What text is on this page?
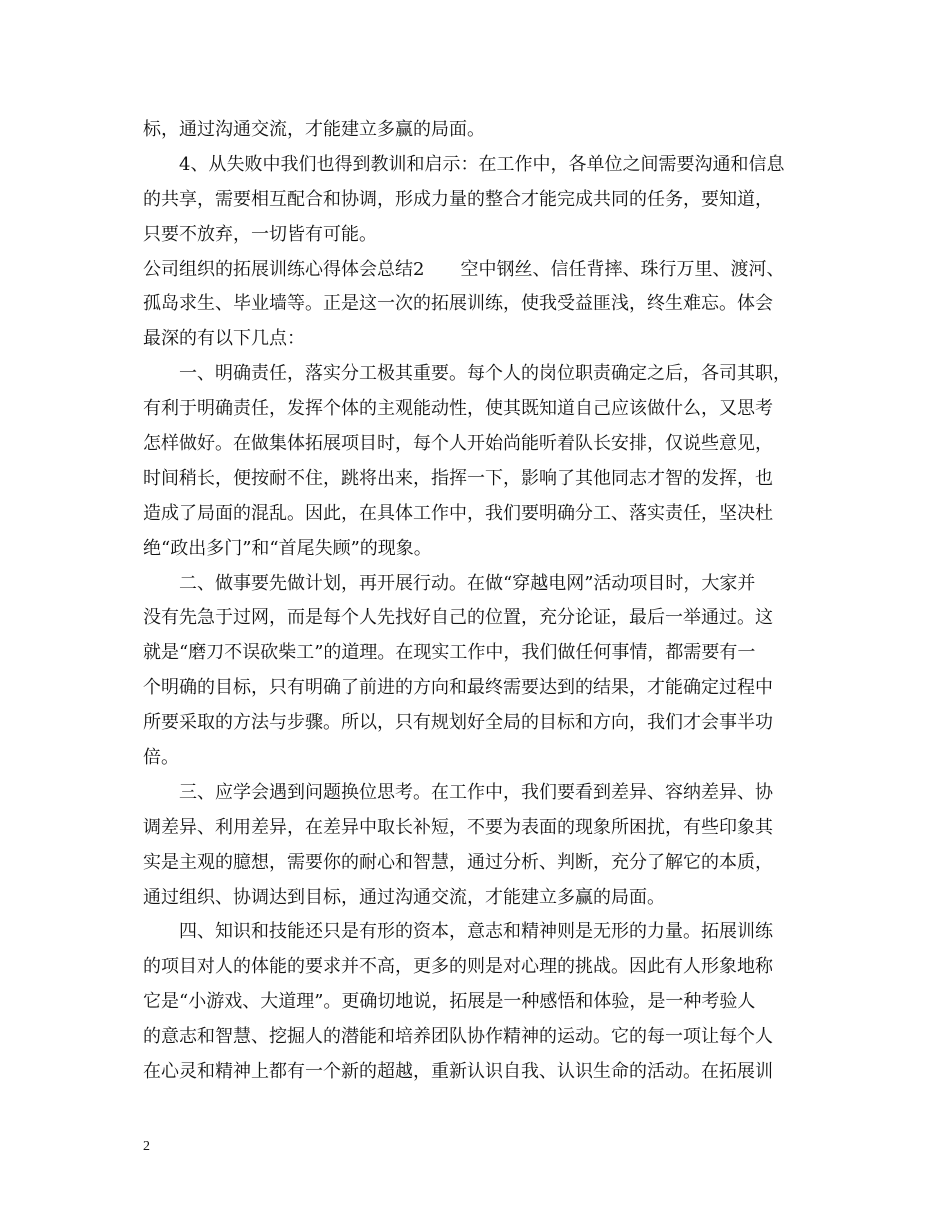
标，通过沟通交流，才能建立多赢的局面。
4、从失败中我们也得到教训和启示：在工作中，各单位之间需要沟通和信息
的共享，需要相互配合和协调，形成力量的整合才能完成共同的任务，要知道，
只要不放弃，一切皆有可能。
公司组织的拓展训练心得体会总结2　　空中钢丝、信任背摔、珠行万里、渡河、
孤岛求生、毕业墙等。正是这一次的拓展训练，使我受益匪浅，终生难忘。体会
最深的有以下几点：
一、明确责任，落实分工极其重要。每个人的岗位职责确定之后，各司其职，
有利于明确责任，发挥个体的主观能动性，使其既知道自己应该做什么，又思考
怎样做好。在做集体拓展项目时，每个人开始尚能听着队长安排，仅说些意见，
时间稍长，便按耐不住，跳将出来，指挥一下，影响了其他同志才智的发挥，也
造成了局面的混乱。因此，在具体工作中，我们要明确分工、落实责任，坚决杜
绝“政出多门”和“首尾失顾”的现象。
二、做事要先做计划，再开展行动。在做“穿越电网”活动项目时，大家并
没有先急于过网，而是每个人先找好自己的位置，充分论证，最后一举通过。这
就是“磨刀不误砍柴工”的道理。在现实工作中，我们做任何事情，都需要有一
个明确的目标，只有明确了前进的方向和最终需要达到的结果，才能确定过程中
所要采取的方法与步骤。所以，只有规划好全局的目标和方向，我们才会事半功
倍。
三、应学会遇到问题换位思考。在工作中，我们要看到差异、容纳差异、协
调差异、利用差异，在差异中取长补短，不要为表面的现象所困扰，有些印象其
实是主观的臆想，需要你的耐心和智慧，通过分析、判断，充分了解它的本质，
通过组织、协调达到目标，通过沟通交流，才能建立多赢的局面。
四、知识和技能还只是有形的资本，意志和精神则是无形的力量。拓展训练
的项目对人的体能的要求并不高，更多的则是对心理的挑战。因此有人形象地称
它是“小游戏、大道理”。更确切地说，拓展是一种感悟和体验，是一种考验人
的意志和智慧、挖掘人的潜能和培养团队协作精神的运动。它的每一项让每个人
在心灵和精神上都有一个新的超越，重新认识自我、认识生命的活动。在拓展训
2
